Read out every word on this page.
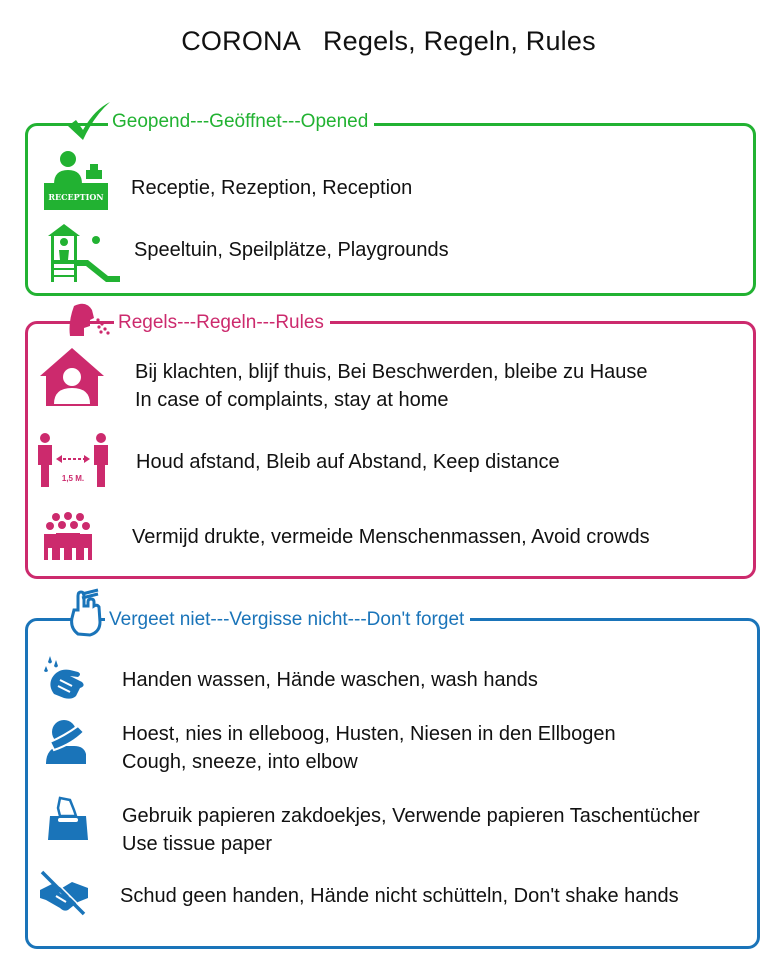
CORONA Regels, Regeln, Rules
Geopend---Geöffnet---Opened
RECEPTION Receptie, Rezeption, Reception
Speeltuin, Speilplätze, Playgrounds
Regels---Regeln---Rules
Bij klachten, blijf thuis, Bei Beschwerden, bleibe zu Hause
In case of complaints, stay at home
1,5 M.
Houd afstand, Bleib auf Abstand, Keep distance
Vermijd drukte, vermeide Menschenmassen, Avoid crowds
Vergeet niet---Vergisse nicht---Don't forget
Handen wassen, Hände waschen, wash hands
Hoest, nies in elleboog, Husten, Niesen in den Ellbogen
Cough, sneeze, into elbow
Gebruik papieren zakdoekjes, Verwende papieren Taschentücher
Use tissue paper
Schud geen handen, Hände nicht schütteln, Don't shake hands
